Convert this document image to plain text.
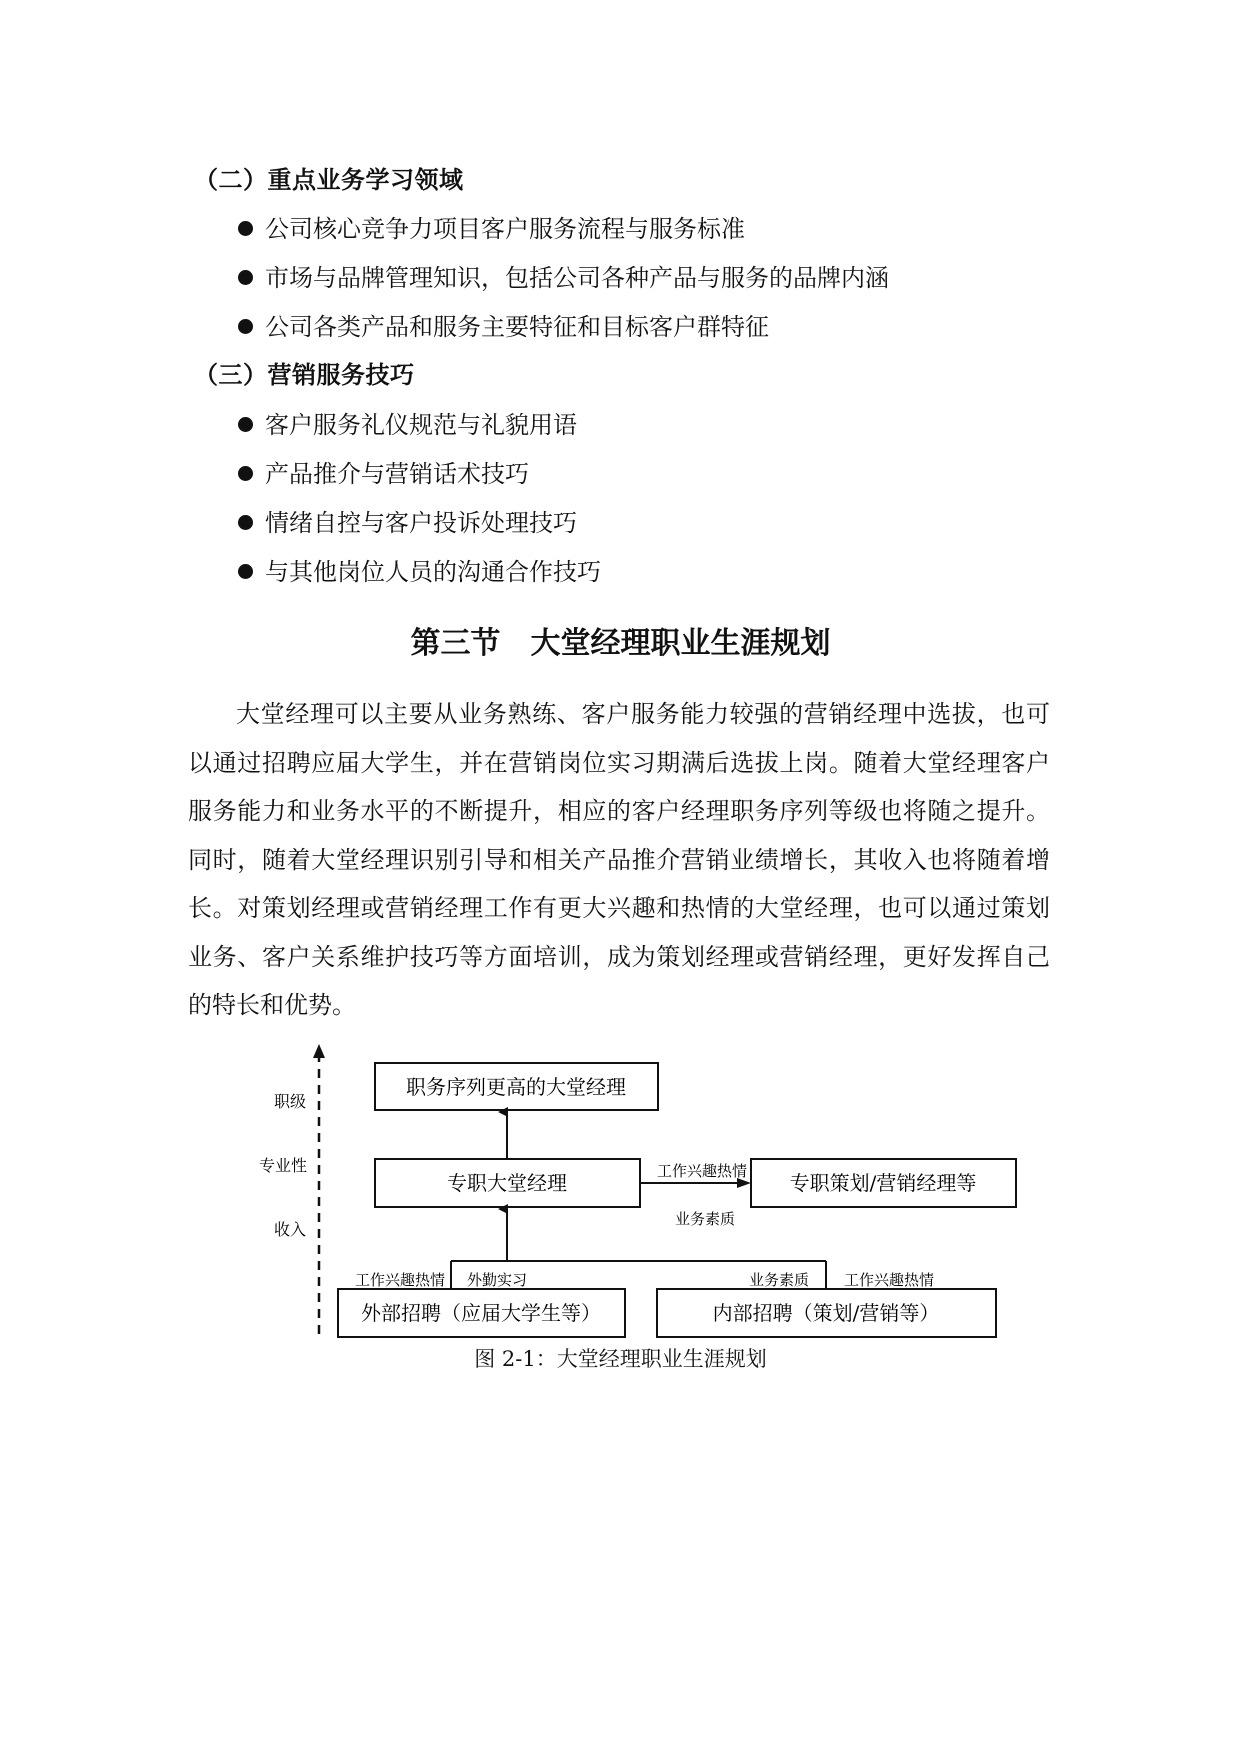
（二）重点业务学习领域
公司核心竞争力项目客户服务流程与服务标准
市场与品牌管理知识，包括公司各种产品与服务的品牌内涵
公司各类产品和服务主要特征和目标客户群特征
（三）营销服务技巧
客户服务礼仪规范与礼貌用语
产品推介与营销话术技巧
情绪自控与客户投诉处理技巧
与其他岗位人员的沟通合作技巧
第三节 大堂经理职业生涯规划

大堂经理可以主要从业务熟练、客户服务能力较强的营销经理中选拔，也可以通过招聘应届大学生，并在营销岗位实习期满后选拔上岗。随着大堂经理客户服务能力和业务水平的不断提升，相应的客户经理职务序列等级也将随之提升。同时，随着大堂经理识别引导和相关产品推介营销业绩增长，其收入也将随着增长。对策划经理或营销经理工作有更大兴趣和热情的大堂经理，也可以通过策划业务、客户关系维护技巧等方面培训，成为策划经理或营销经理，更好发挥自己的特长和优势。

职级
专业性
收入
职务序列更高的大堂经理
专职大堂经理	专职策划/营销经理等
外部招聘（应届大学生等）	内部招聘（策划/营销等）
工作兴趣热情
业务素质
工作兴趣热情 外勤实习	业务素质 工作兴趣热情
图 2-1：大堂经理职业生涯规划
